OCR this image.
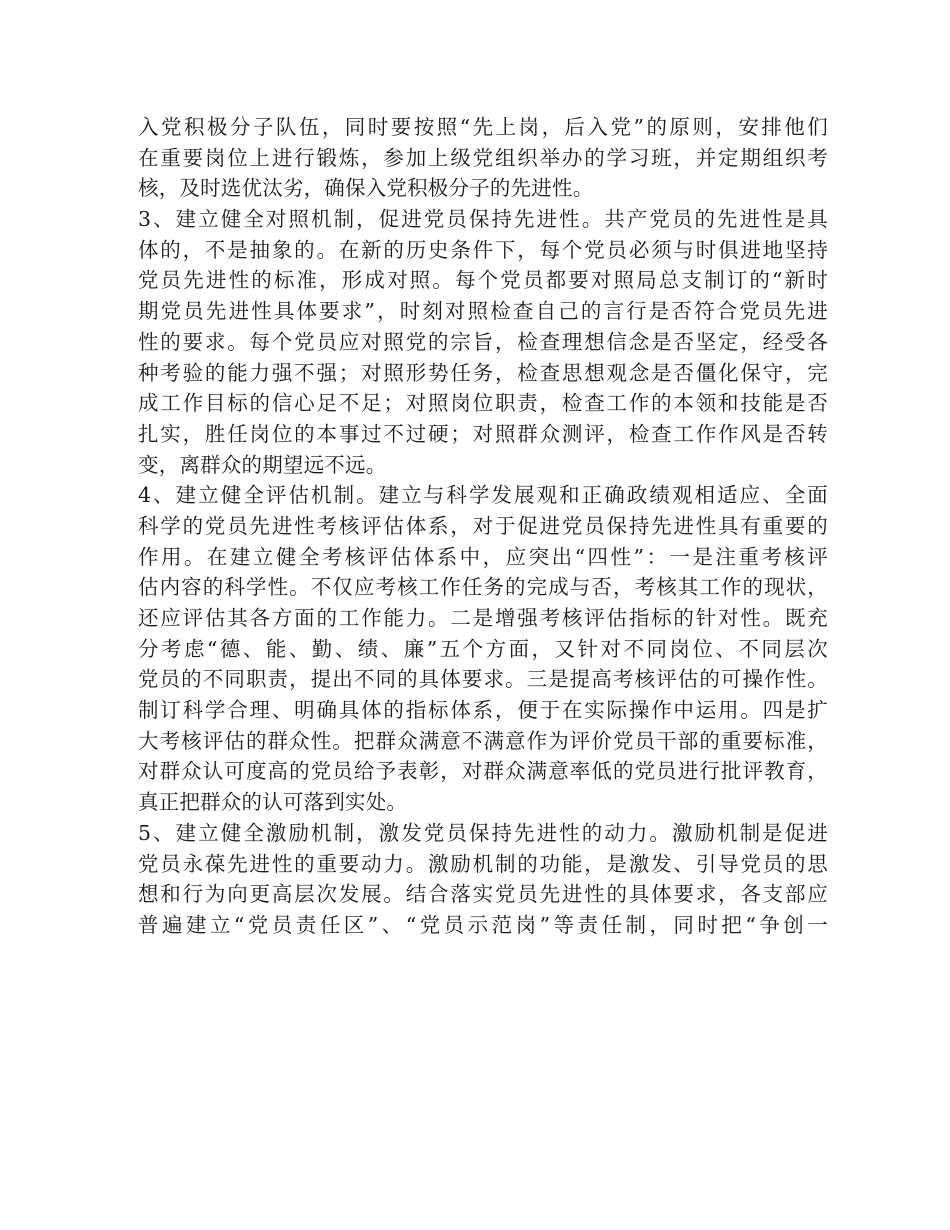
入党积极分子队伍，同时要按照“先上岗，后入党”的原则，安排他们
在重要岗位上进行锻炼，参加上级党组织举办的学习班，并定期组织考
核，及时选优汰劣，确保入党积极分子的先进性。
3、建立健全对照机制，促进党员保持先进性。共产党员的先进性是具
体的，不是抽象的。在新的历史条件下，每个党员必须与时俱进地坚持
党员先进性的标准，形成对照。每个党员都要对照局总支制订的“新时
期党员先进性具体要求”，时刻对照检查自己的言行是否符合党员先进
性的要求。每个党员应对照党的宗旨，检查理想信念是否坚定，经受各
种考验的能力强不强；对照形势任务，检查思想观念是否僵化保守，完
成工作目标的信心足不足；对照岗位职责，检查工作的本领和技能是否
扎实，胜任岗位的本事过不过硬；对照群众测评，检查工作作风是否转
变，离群众的期望远不远。
4、建立健全评估机制。建立与科学发展观和正确政绩观相适应、全面
科学的党员先进性考核评估体系，对于促进党员保持先进性具有重要的
作用。在建立健全考核评估体系中，应突出“四性”：一是注重考核评
估内容的科学性。不仅应考核工作任务的完成与否，考核其工作的现状，
还应评估其各方面的工作能力。二是增强考核评估指标的针对性。既充
分考虑“德、能、勤、绩、廉”五个方面，又针对不同岗位、不同层次
党员的不同职责，提出不同的具体要求。三是提高考核评估的可操作性。
制订科学合理、明确具体的指标体系，便于在实际操作中运用。四是扩
大考核评估的群众性。把群众满意不满意作为评价党员干部的重要标准，
对群众认可度高的党员给予表彰，对群众满意率低的党员进行批评教育，
真正把群众的认可落到实处。
5、建立健全激励机制，激发党员保持先进性的动力。激励机制是促进
党员永葆先进性的重要动力。激励机制的功能，是激发、引导党员的思
想和行为向更高层次发展。结合落实党员先进性的具体要求，各支部应
普遍建立“党员责任区”、“党员示范岗”等责任制，同时把“争创一
